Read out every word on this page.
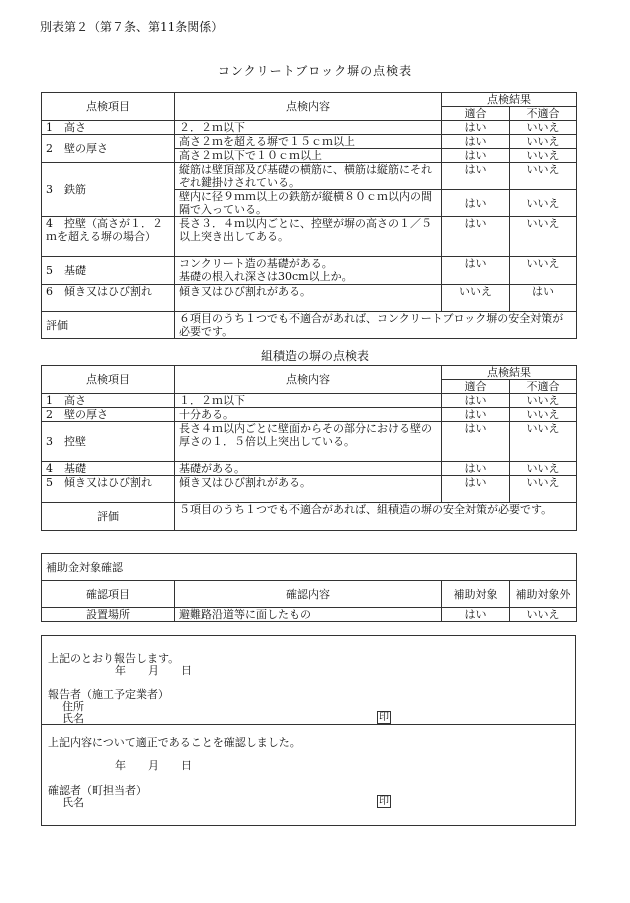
別表第２（第７条、第11条関係）
コンクリートブロック塀の点検表
点検項目	点検内容	点検結果	
		適合	不適合
1　高さ	２．２ｍ以下	はい	いいえ
2　壁の厚さ	高さ２ｍを超える塀で１５ｃｍ以上	はい	いいえ
	高さ２ｍ以下で１０ｃｍ以上	はい	いいえ
3　鉄筋	縦筋は壁頂部及び基礎の横筋に、横筋は縦筋にそれぞれ鍵掛けされている。	はい	いいえ
	壁内に径９ｍｍ以上の鉄筋が縦横８０ｃｍ以内の間隔で入っている。	はい	いいえ
4　控壁（高さが１．２ｍを超える塀の場合）	長さ３．４ｍ以内ごとに、控壁が塀の高さの１／５以上突き出してある。	はい	いいえ
5　基礎	コンクリート造の基礎がある。
基礎の根入れ深さは30cm以上か。	はい	いいえ
6　傾き又はひび割れ	傾き又はひび割れがある。	いいえ	はい
評価	６項目のうち１つでも不適合があれば、コンクリートブロック塀の安全対策が必要です。		
組積造の塀の点検表
点検項目	点検内容	点検結果	
		適合	不適合
1　高さ	１．２ｍ以下	はい	いいえ
2　壁の厚さ	十分ある。	はい	いいえ
3　控壁	長さ４ｍ以内ごとに壁面からその部分における壁の厚さの１．５倍以上突出している。	はい	いいえ
4　基礎	基礎がある。	はい	いいえ
5　傾き又はひび割れ	傾き又はひび割れがある。	はい	いいえ
評価	５項目のうち１つでも不適合があれば、組積造の塀の安全対策が必要です。		
補助金対象確認			
確認項目	確認内容	補助対象	補助対象外
設置場所	避難路沿道等に面したもの	はい	いいえ
上記のとおり報告します。
年　　月　　日
報告者（施工予定業者）
住所
氏名	印
上記内容について適正であることを確認しました。
年　　月　　日
確認者（町担当者）
氏名	印
